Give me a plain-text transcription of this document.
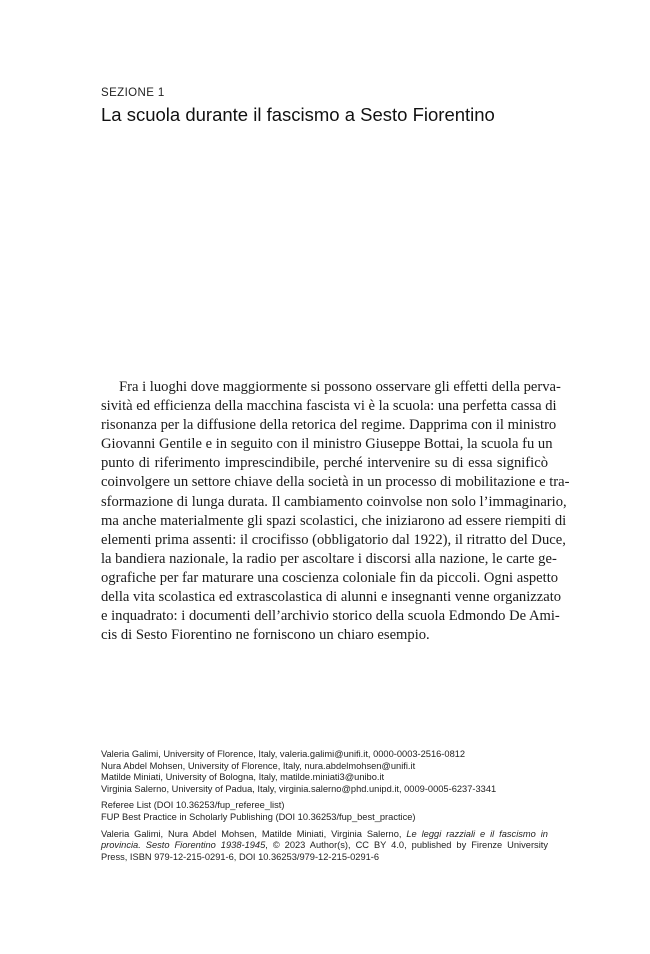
SEZIONE 1
La scuola durante il fascismo a Sesto Fiorentino
Fra i luoghi dove maggiormente si possono osservare gli effetti della perva-
sività ed efficienza della macchina fascista vi è la scuola: una perfetta cassa di
risonanza per la diffusione della retorica del regime. Dapprima con il ministro
Giovanni Gentile e in seguito con il ministro Giuseppe Bottai, la scuola fu un
punto di riferimento imprescindibile, perché intervenire su di essa significò
coinvolgere un settore chiave della società in un processo di mobilitazione e tra-
sformazione di lunga durata. Il cambiamento coinvolse non solo l’immaginario,
ma anche materialmente gli spazi scolastici, che iniziarono ad essere riempiti di
elementi prima assenti: il crocifisso (obbligatorio dal 1922), il ritratto del Duce,
la bandiera nazionale, la radio per ascoltare i discorsi alla nazione, le carte ge-
ografiche per far maturare una coscienza coloniale fin da piccoli. Ogni aspetto
della vita scolastica ed extrascolastica di alunni e insegnanti venne organizzato
e inquadrato: i documenti dell’archivio storico della scuola Edmondo De Ami-
cis di Sesto Fiorentino ne forniscono un chiaro esempio.
Valeria Galimi, University of Florence, Italy, valeria.galimi@unifi.it, 0000-0003-2516-0812
Nura Abdel Mohsen, University of Florence, Italy, nura.abdelmohsen@unifi.it
Matilde Miniati, University of Bologna, Italy, matilde.miniati3@unibo.it
Virginia Salerno, University of Padua, Italy, virginia.salerno@phd.unipd.it, 0009-0005-6237-3341
Referee List (DOI 10.36253/fup_referee_list)
FUP Best Practice in Scholarly Publishing (DOI 10.36253/fup_best_practice)
Valeria Galimi, Nura Abdel Mohsen, Matilde Miniati, Virginia Salerno, Le leggi razziali e il fascismo in
provincia. Sesto Fiorentino 1938-1945, © 2023 Author(s), CC BY 4.0, published by Firenze University
Press, ISBN 979-12-215-0291-6, DOI 10.36253/979-12-215-0291-6
